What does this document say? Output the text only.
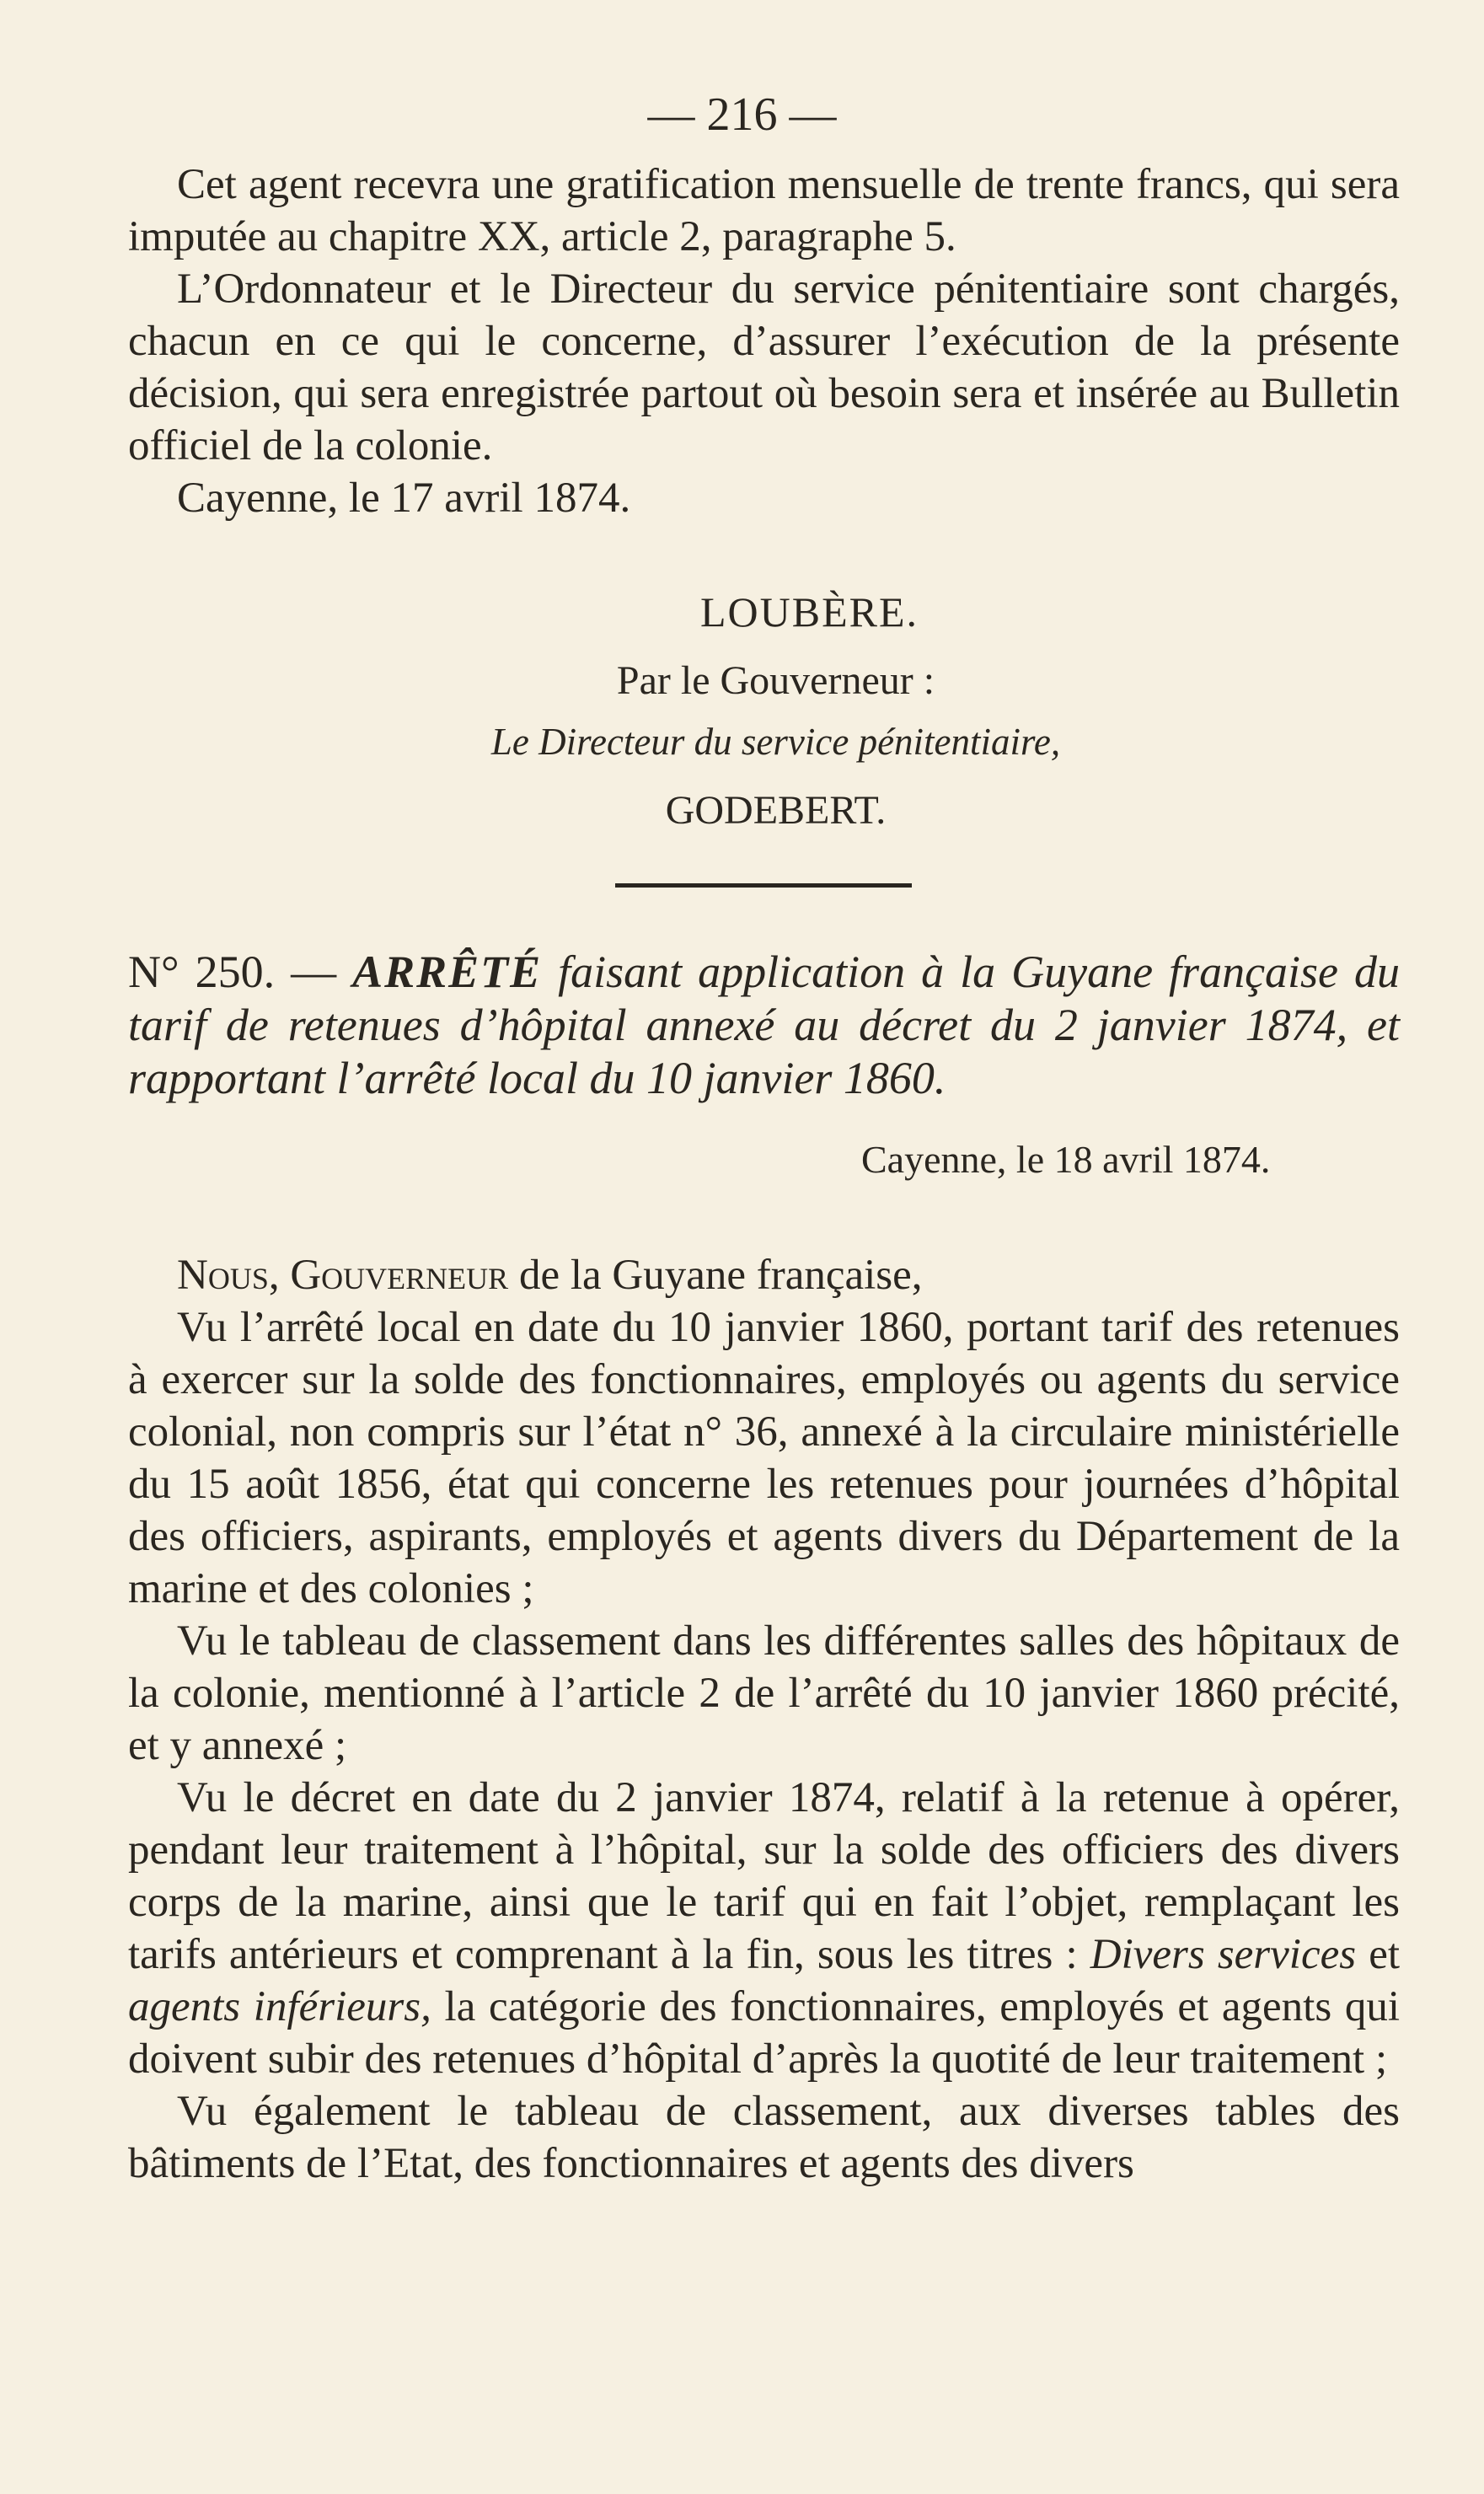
— 216 —

Cet agent recevra une gratification mensuelle de trente francs, qui sera imputée au chapitre XX, article 2, paragraphe 5.

L’Ordonnateur et le Directeur du service pénitentiaire sont chargés, chacun en ce qui le concerne, d’assurer l’exécution de la présente décision, qui sera enregistrée partout où besoin sera et insérée au Bulletin officiel de la colonie.

Cayenne, le 17 avril 1874.

LOUBÈRE.
Par le Gouverneur :
Le Directeur du service pénitentiaire,
GODEBERT.
N° 250. — ARRÊTÉ faisant application à la Guyane française du tarif de retenues d’hôpital annexé au décret du 2 janvier 1874, et rapportant l’arrêté local du 10 janvier 1860.
Cayenne, le 18 avril 1874.

Nous, Gouverneur de la Guyane française,

Vu l’arrêté local en date du 10 janvier 1860, portant tarif des retenues à exercer sur la solde des fonctionnaires, employés ou agents du service colonial, non compris sur l’état n° 36, annexé à la circulaire ministérielle du 15 août 1856, état qui concerne les retenues pour journées d’hôpital des officiers, aspirants, employés et agents divers du Département de la marine et des colonies ;

Vu le tableau de classement dans les différentes salles des hôpitaux de la colonie, mentionné à l’article 2 de l’arrêté du 10 janvier 1860 précité, et y annexé ;

Vu le décret en date du 2 janvier 1874, relatif à la retenue à opérer, pendant leur traitement à l’hôpital, sur la solde des officiers des divers corps de la marine, ainsi que le tarif qui en fait l’objet, remplaçant les tarifs antérieurs et comprenant à la fin, sous les titres : Divers services et agents inférieurs, la catégorie des fonctionnaires, employés et agents qui doivent subir des retenues d’hôpital d’après la quotité de leur traitement ;

Vu également le tableau de classement, aux diverses tables des bâtiments de l’Etat, des fonctionnaires et agents des divers
